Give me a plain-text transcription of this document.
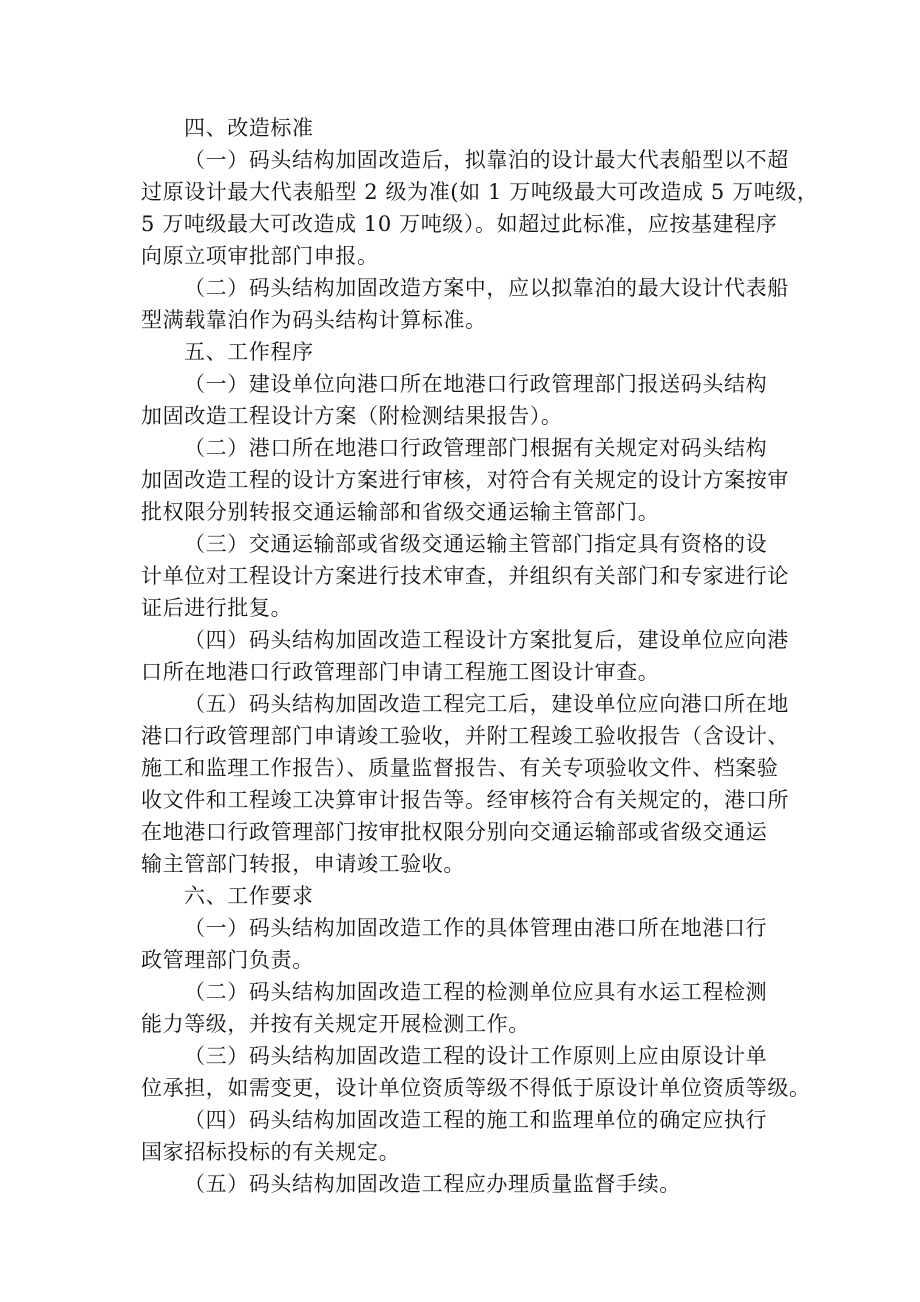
四、改造标准
（一）码头结构加固改造后，拟靠泊的设计最大代表船型以不超
过原设计最大代表船型 2 级为准(如 1 万吨级最大可改造成 5 万吨级，
5 万吨级最大可改造成 10 万吨级）。如超过此标准，应按基建程序
向原立项审批部门申报。
（二）码头结构加固改造方案中，应以拟靠泊的最大设计代表船
型满载靠泊作为码头结构计算标准。
五、工作程序
（一）建设单位向港口所在地港口行政管理部门报送码头结构
加固改造工程设计方案（附检测结果报告）。
（二）港口所在地港口行政管理部门根据有关规定对码头结构
加固改造工程的设计方案进行审核，对符合有关规定的设计方案按审
批权限分别转报交通运输部和省级交通运输主管部门。
（三）交通运输部或省级交通运输主管部门指定具有资格的设
计单位对工程设计方案进行技术审查，并组织有关部门和专家进行论
证后进行批复。
（四）码头结构加固改造工程设计方案批复后，建设单位应向港
口所在地港口行政管理部门申请工程施工图设计审查。
（五）码头结构加固改造工程完工后，建设单位应向港口所在地
港口行政管理部门申请竣工验收，并附工程竣工验收报告（含设计、
施工和监理工作报告）、质量监督报告、有关专项验收文件、档案验
收文件和工程竣工决算审计报告等。经审核符合有关规定的，港口所
在地港口行政管理部门按审批权限分别向交通运输部或省级交通运
输主管部门转报，申请竣工验收。
六、工作要求
（一）码头结构加固改造工作的具体管理由港口所在地港口行
政管理部门负责。
（二）码头结构加固改造工程的检测单位应具有水运工程检测
能力等级，并按有关规定开展检测工作。
（三）码头结构加固改造工程的设计工作原则上应由原设计单
位承担，如需变更，设计单位资质等级不得低于原设计单位资质等级。
（四）码头结构加固改造工程的施工和监理单位的确定应执行
国家招标投标的有关规定。
（五）码头结构加固改造工程应办理质量监督手续。
